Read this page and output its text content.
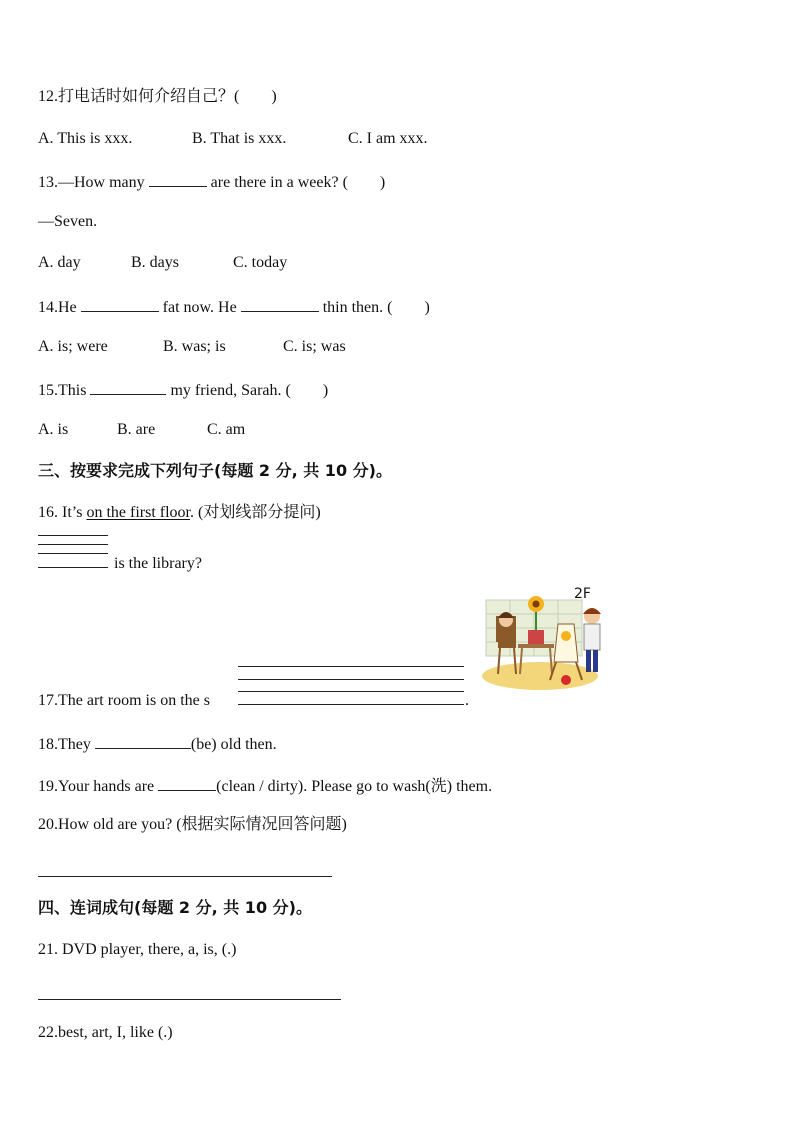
12.打电话时如何介绍自己？(　　)
A. This is xxx.	B. That is xxx.	C. I am xxx.
13.—How many	are there in a week? (　　)
—Seven.
A. day	B. days	C. today
14.He	fat now. He	thin then. (　　)
A. is; were	B. was; is	C. is; was
15.This	my friend, Sarah. (　　)
A. is	B. are	C. am
三、按要求完成下列句子(每题 2 分, 共 10 分)。
16. It’s on the first floor. (对划线部分提问)
is the library?
2F
17.The art room is on the s	.
18.They	(be) old then.
19.Your hands are	(clean / dirty). Please go to wash(洗) them.
20.How old are you? (根据实际情况回答问题)
四、连词成句(每题 2 分, 共 10 分)。
21. DVD player, there, a, is, (.)
22.best, art, I, like (.)
